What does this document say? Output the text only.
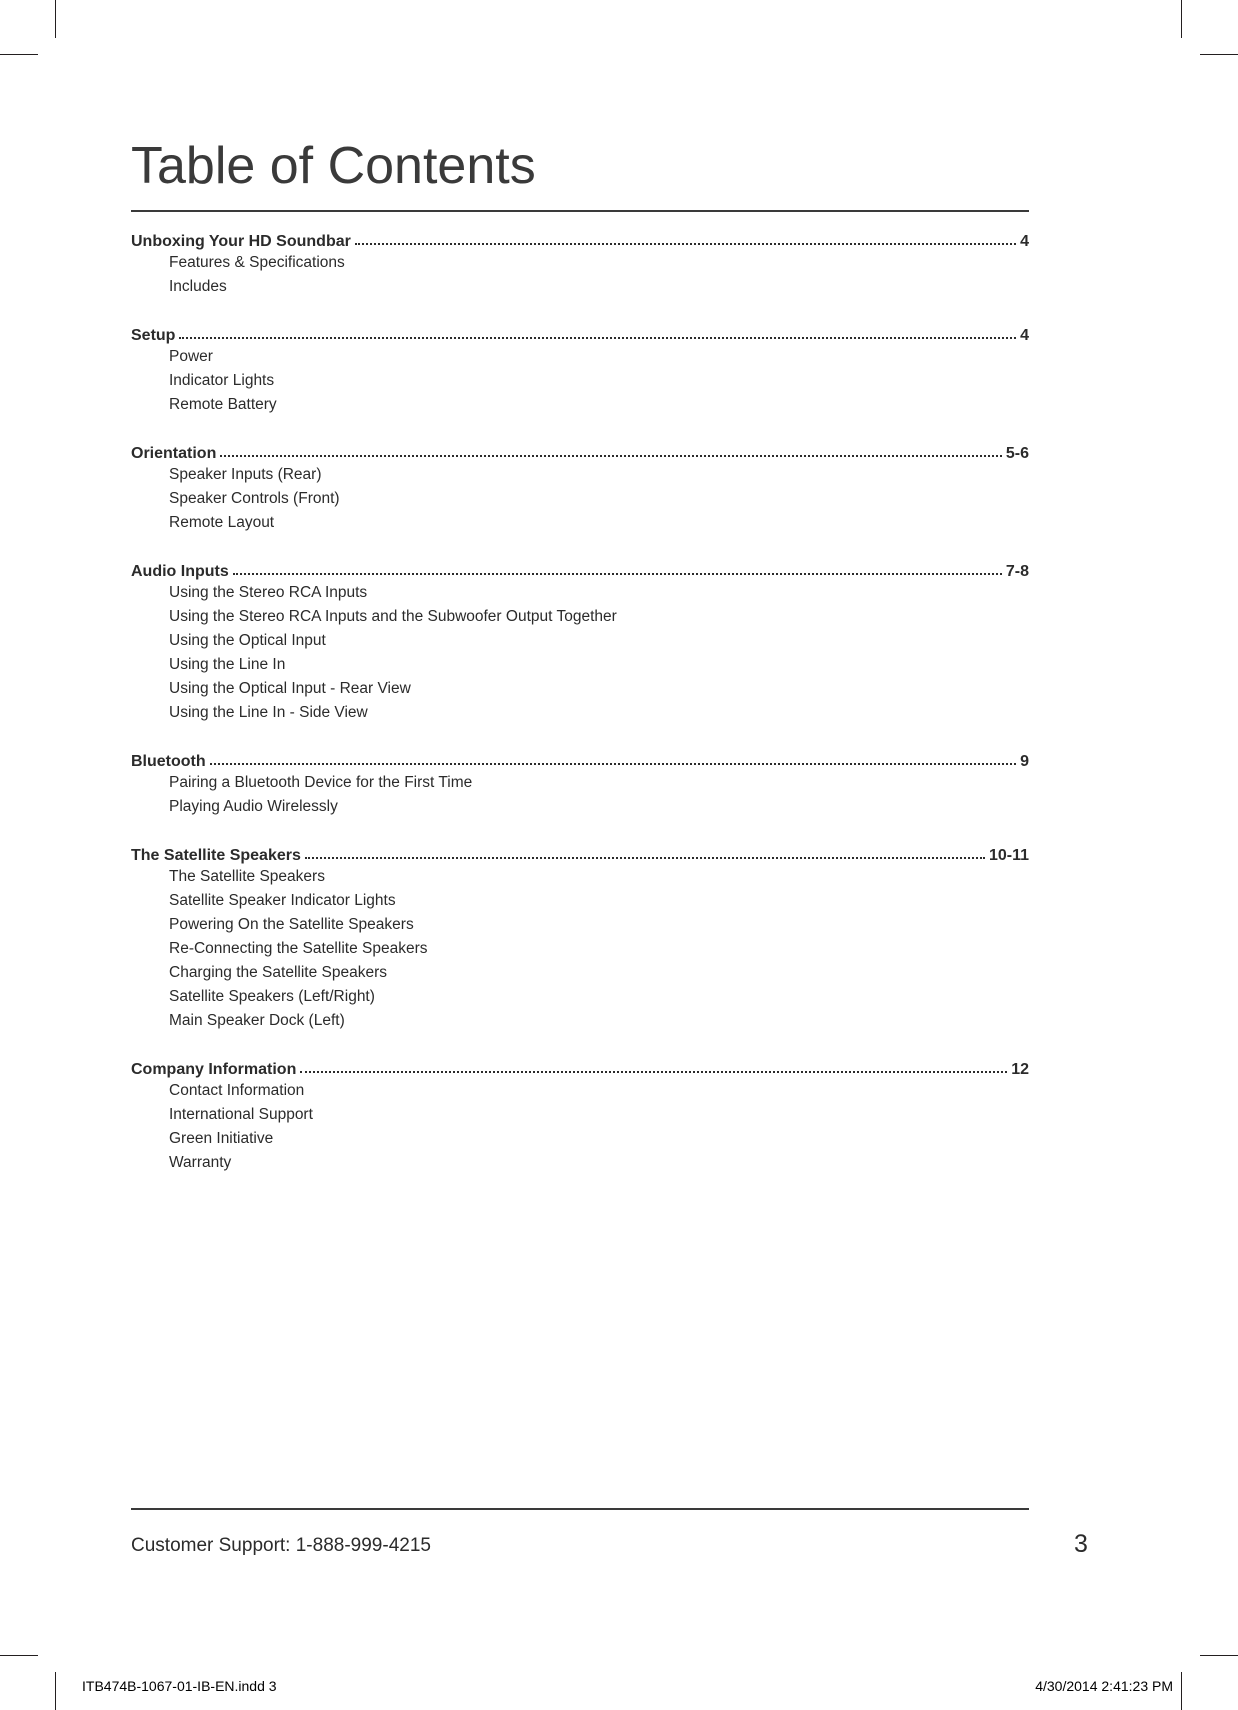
Table of Contents
Unboxing Your HD Soundbar	4
Features & Specifications
Includes
Setup	4
Power
Indicator Lights
Remote Battery
Orientation	5-6
Speaker Inputs (Rear)
Speaker Controls (Front)
Remote Layout
Audio Inputs	7-8
Using the Stereo RCA Inputs
Using the Stereo RCA Inputs and the Subwoofer Output Together
Using the Optical Input
Using the Line In
Using the Optical Input - Rear View
Using the Line In - Side View
Bluetooth	9
Pairing a Bluetooth Device for the First Time
Playing Audio Wirelessly
The Satellite Speakers	10-11
The Satellite Speakers
Satellite Speaker Indicator Lights
Powering On the Satellite Speakers
Re-Connecting the Satellite Speakers
Charging the Satellite Speakers
Satellite Speakers (Left/Right)
Main Speaker Dock (Left)
Company Information	12
Contact Information
International Support
Green Initiative
Warranty
Customer Support: 1-888-999-4215	3
ITB474B-1067-01-IB-EN.indd 3	4/30/2014 2:41:23 PM
